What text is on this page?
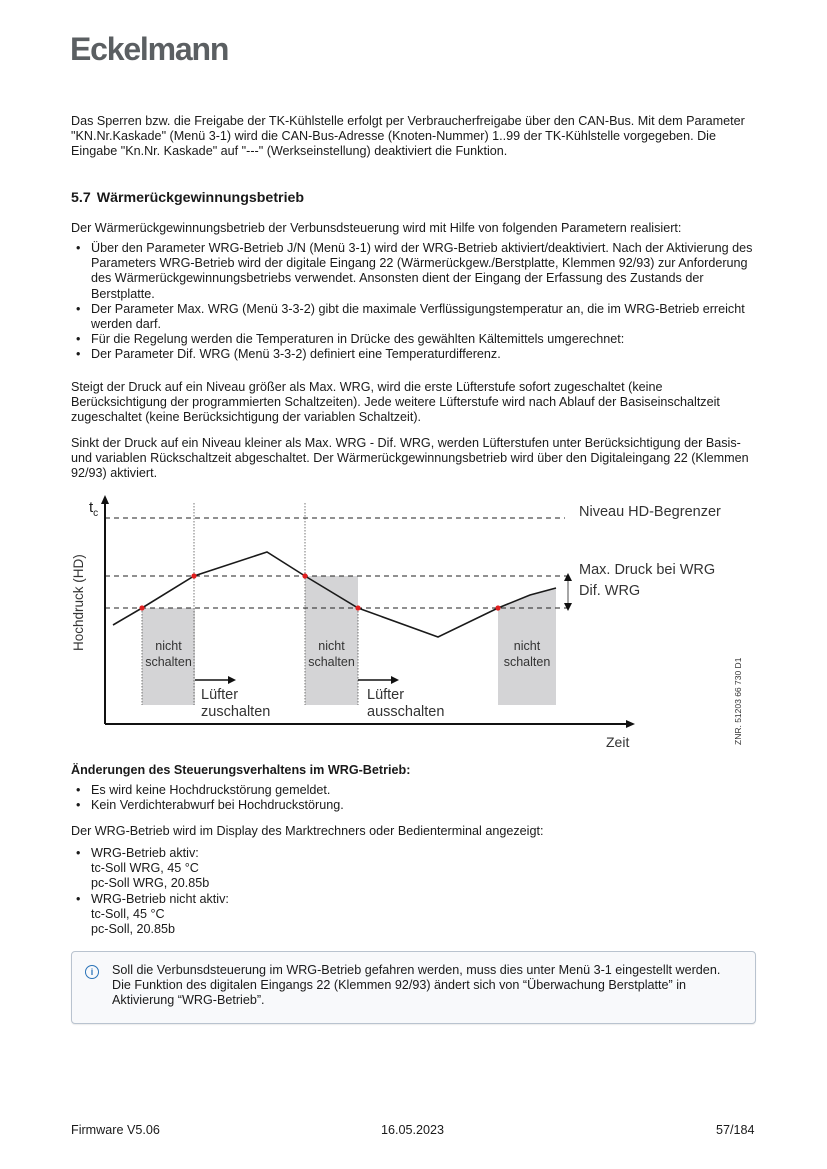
Eckelmann

Das Sperren bzw. die Freigabe der TK-Kühlstelle erfolgt per Verbraucherfreigabe über den CAN-Bus. Mit dem Parameter "KN.Nr.Kaskade" (Menü 3-1) wird die CAN-Bus-Adresse (Knoten-Nummer) 1..99 der TK-Kühlstelle vorgegeben. Die Eingabe "Kn.Nr. Kaskade" auf "---" (Werkseinstellung) deaktiviert die Funktion.

5.7 Wärmerückgewinnungsbetrieb

Der Wärmerückgewinnungsbetrieb der Verbunsdsteuerung wird mit Hilfe von folgenden Parametern realisiert:

• Über den Parameter WRG-Betrieb J/N (Menü 3-1) wird der WRG-Betrieb aktiviert/deaktiviert. Nach der Aktivierung des Parameters WRG-Betrieb wird der digitale Eingang 22 (Wärmerückgew./Berstplatte, Klemmen 92/93) zur Anforderung des Wärmerückgewinnungsbetriebs verwendet. Ansonsten dient der Eingang der Erfassung des Zustands der Berstplatte.
• Der Parameter Max. WRG (Menü 3-3-2) gibt die maximale Verflüssigungstemperatur an, die im WRG-Betrieb erreicht werden darf.
• Für die Regelung werden die Temperaturen in Drücke des gewählten Kältemittels umgerechnet:
• Der Parameter Dif. WRG (Menü 3-3-2) definiert eine Temperaturdifferenz.

Steigt der Druck auf ein Niveau größer als Max. WRG, wird die erste Lüfterstufe sofort zugeschaltet (keine Berücksichtigung der programmierten Schaltzeiten). Jede weitere Lüfterstufe wird nach Ablauf der Basiseinschaltzeit zugeschaltet (keine Berücksichtigung der variablen Schaltzeit).

Sinkt der Druck auf ein Niveau kleiner als Max. WRG - Dif. WRG, werden Lüfterstufen unter Berücksichtigung der Basis- und variablen Rückschaltzeit abgeschaltet. Der Wärmerückgewinnungsbetrieb wird über den Digitaleingang 22 (Klemmen 92/93) aktiviert.

$t_c$
Hochdruck (HD)
Zeit
Niveau HD-Begrenzer
Max. Druck bei WRG
Dif. WRG
nicht
schalten
nicht
schalten
nicht
schalten
Lüfter
zuschalten
Lüfter
ausschalten	ZNR. 51203 66 730 D1

Änderungen des Steuerungsverhaltens im WRG-Betrieb:

• Es wird keine Hochdruckstörung gemeldet.
• Kein Verdichterabwurf bei Hochdruckstörung.

Der WRG-Betrieb wird im Display des Marktrechners oder Bedienterminal angezeigt:

• WRG-Betrieb aktiv:
tc-Soll WRG, 45 °C
pc-Soll WRG, 20.85b
• WRG-Betrieb nicht aktiv:
tc-Soll, 45 °C
pc-Soll, 20.85b
i	Soll die Verbunsdsteuerung im WRG-Betrieb gefahren werden, muss dies unter Menü 3-1 eingestellt werden. Die Funktion des digitalen Eingangs 22 (Klemmen 92/93) ändert sich von “Überwachung Berstplatte” in Aktivierung “WRG-Betrieb”.
Firmware V5.06	16.05.2023	57/184
